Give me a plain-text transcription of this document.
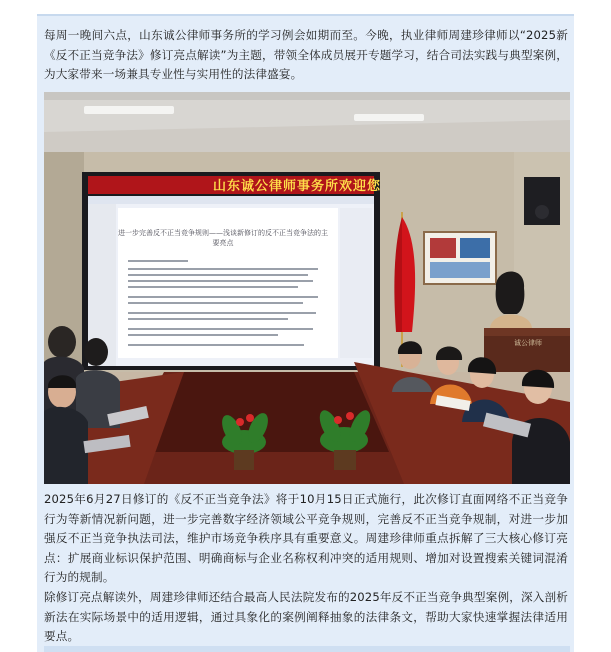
每周一晚间六点，山东诚公律师事务所的学习例会如期而至。今晚，执业律师周建珍律师以“2025新《反不正当竞争法》修订亮点解读”为主题，带领全体成员展开专题学习，结合司法实践与典型案例，为大家带来一场兼具专业性与实用性的法律盛宴。

山东诚公律师事务所欢迎您
进一步完善反不正当竞争规则——浅谈新修订的反不正当竞争法的主要亮点
诚公律师

2025年6月27日修订的《反不正当竞争法》将于10月15日正式施行，此次修订直面网络不正当竞争行为等新情况新问题，进一步完善数字经济领域公平竞争规则，完善反不正当竞争规制，对进一步加强反不正当竞争执法司法，维护市场竞争秩序具有重要意义。周建珍律师重点拆解了三大核心修订亮点：扩展商业标识保护范围、明确商标与企业名称权利冲突的适用规则、增加对设置搜索关键词混淆行为的规制。

除修订亮点解读外，周建珍律师还结合最高人民法院发布的2025年反不正当竞争典型案例，深入剖析新法在实际场景中的适用逻辑，通过具象化的案例阐释抽象的法律条文，帮助大家快速掌握法律适用要点。
